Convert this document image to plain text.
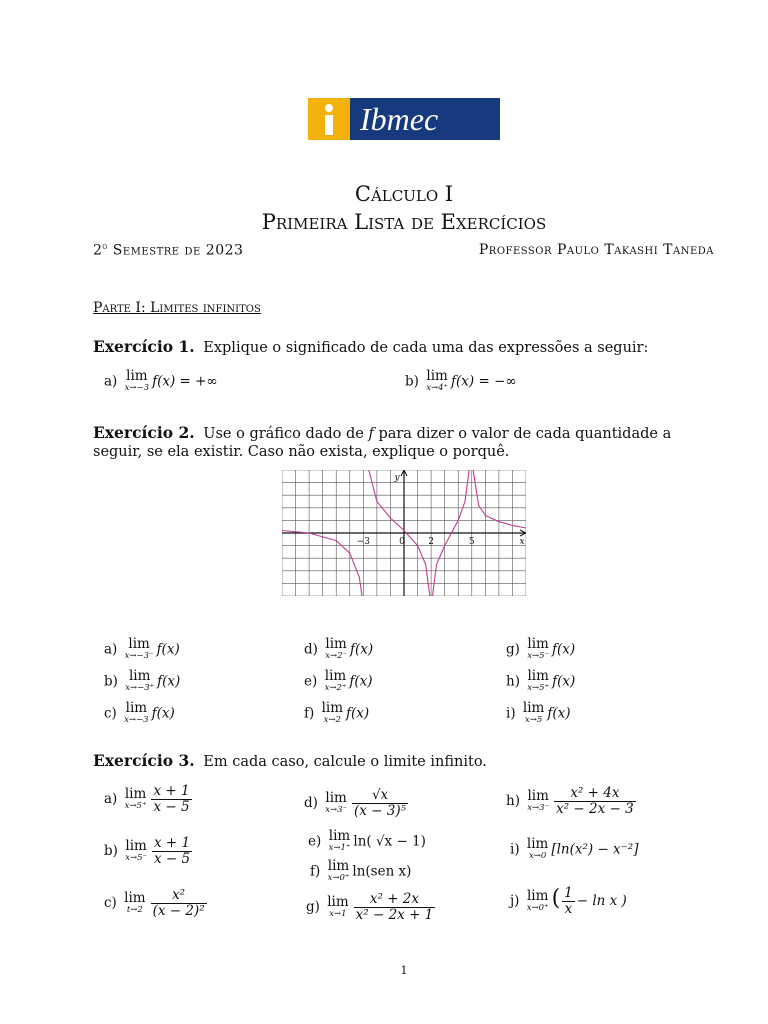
Ibmec
Cálculo I
Primeira Lista de Exercícios
2$^o$ Semestre de 2023	Professor Paulo Takashi Taneda
Parte I: Limites infinitos
Exercício 1. Explique o significado de cada uma das expressões a seguir:
a) lim
x→−3 f(x) = +∞	b) lim
x→4⁺ f(x) = −∞
Exercício 2. Use o gráfico dado de f para dizer o valor de cada quantidade a seguir, se ela existir. Caso não exista, explique o porquê.
−3	0	2	5	x
y
a) lim
x→−3⁻ f(x)
b) lim
x→−3⁺ f(x)
c) lim
x→−3 f(x)
d) lim
x→2⁻ f(x)
e) lim
x→2⁺ f(x)
f) lim
x→2 f(x)
g) lim
x→5⁻ f(x)
h) lim
x→5⁺ f(x)
i) lim
x→5 f(x)
Exercício 3. Em cada caso, calcule o limite infinito.
a) lim
$x\to 5^+ \frac{x + 1}{x - 5}$
b) lim
$x\to 5^- \frac{x + 1}{x - 5}$
c) lim
$t\to 2 \frac{\text{x²}}{\text{(x − 2)²}}$
d) lim
$x\to 3^- \frac{√x}{\text{(x − 3)⁵}}$
e) lim
x→1⁺ ln( √x − 1)
f) lim
x→0⁺ ln(sen x)
g) lim
$x\to 1 \frac{\text{x² + 2x}}{\text{x² − 2x + 1}}$
h) lim
$x\to 3^- \frac{\text{x² + 4x}}{\text{x² − 2x − 3}}$
i) lim
x→0 [ln(x²) − x⁻²]
j) lim
x→0⁺ ( $\frac{1}{x} - \ln x$ )
1
